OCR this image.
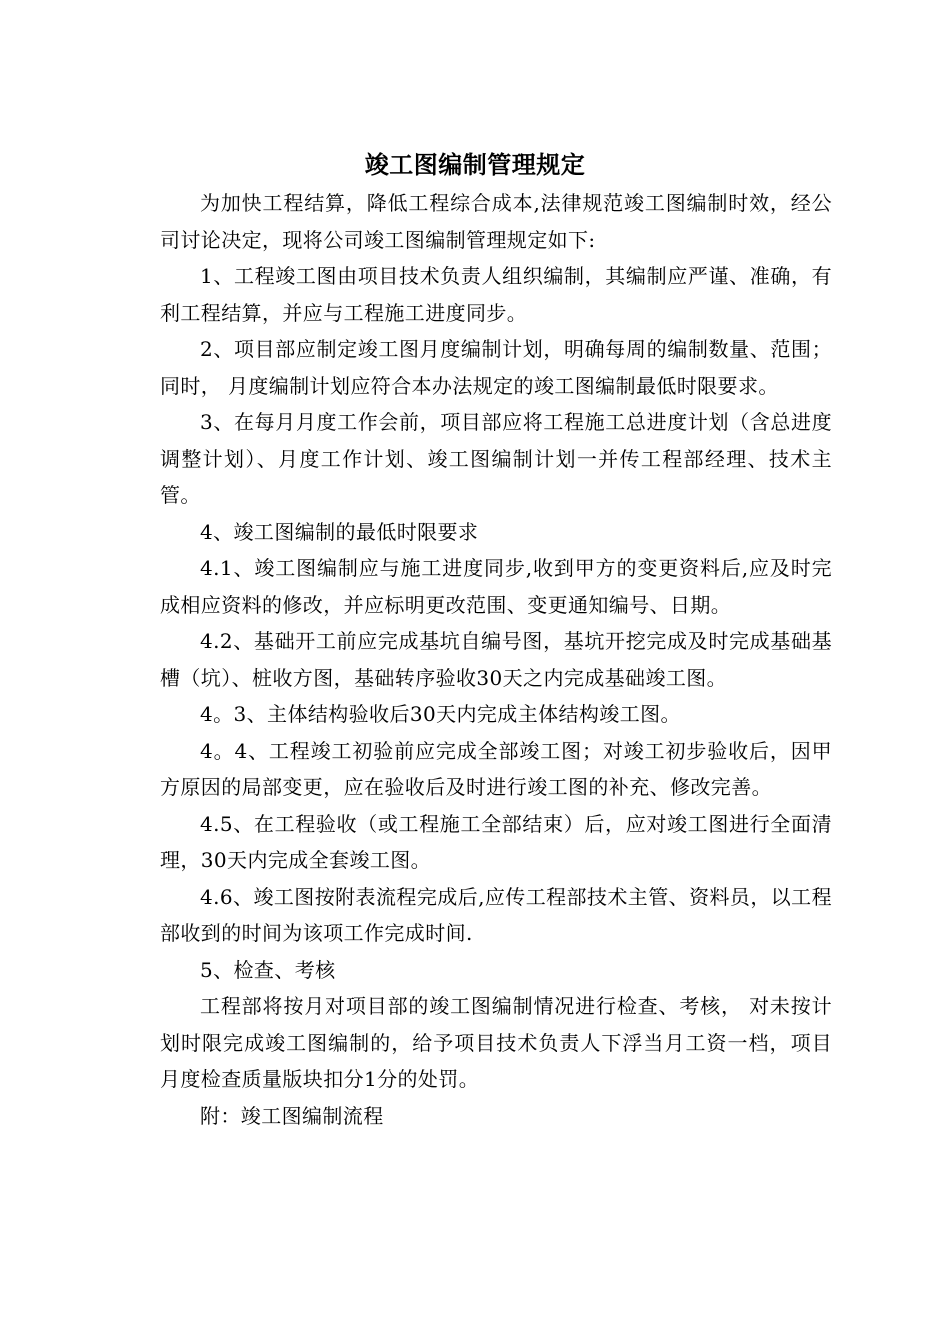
竣工图编制管理规定

为加快工程结算，降低工程综合成本,法律规范竣工图编制时效，经公司讨论决定，现将公司竣工图编制管理规定如下:

1、工程竣工图由项目技术负责人组织编制，其编制应严谨、准确，有利工程结算，并应与工程施工进度同步。

2、项目部应制定竣工图月度编制计划，明确每周的编制数量、范围；同时， 月度编制计划应符合本办法规定的竣工图编制最低时限要求。

3、在每月月度工作会前，项目部应将工程施工总进度计划（含总进度调整计划）、月度工作计划、竣工图编制计划一并传工程部经理、技术主管。

4、竣工图编制的最低时限要求

4.1、竣工图编制应与施工进度同步,收到甲方的变更资料后,应及时完成相应资料的修改，并应标明更改范围、变更通知编号、日期。

4.2、基础开工前应完成基坑自编号图，基坑开挖完成及时完成基础基槽（坑）、桩收方图，基础转序验收30天之内完成基础竣工图。

4。3、主体结构验收后30天内完成主体结构竣工图。

4。4、工程竣工初验前应完成全部竣工图；对竣工初步验收后，因甲方原因的局部变更，应在验收后及时进行竣工图的补充、修改完善。

4.5、在工程验收（或工程施工全部结束）后，应对竣工图进行全面清理，30天内完成全套竣工图。

4.6、竣工图按附表流程完成后,应传工程部技术主管、资料员，以工程部收到的时间为该项工作完成时间.

5、检查、考核

工程部将按月对项目部的竣工图编制情况进行检查、考核， 对未按计划时限完成竣工图编制的，给予项目技术负责人下浮当月工资一档，项目月度检查质量版块扣分1分的处罚。

附：竣工图编制流程
